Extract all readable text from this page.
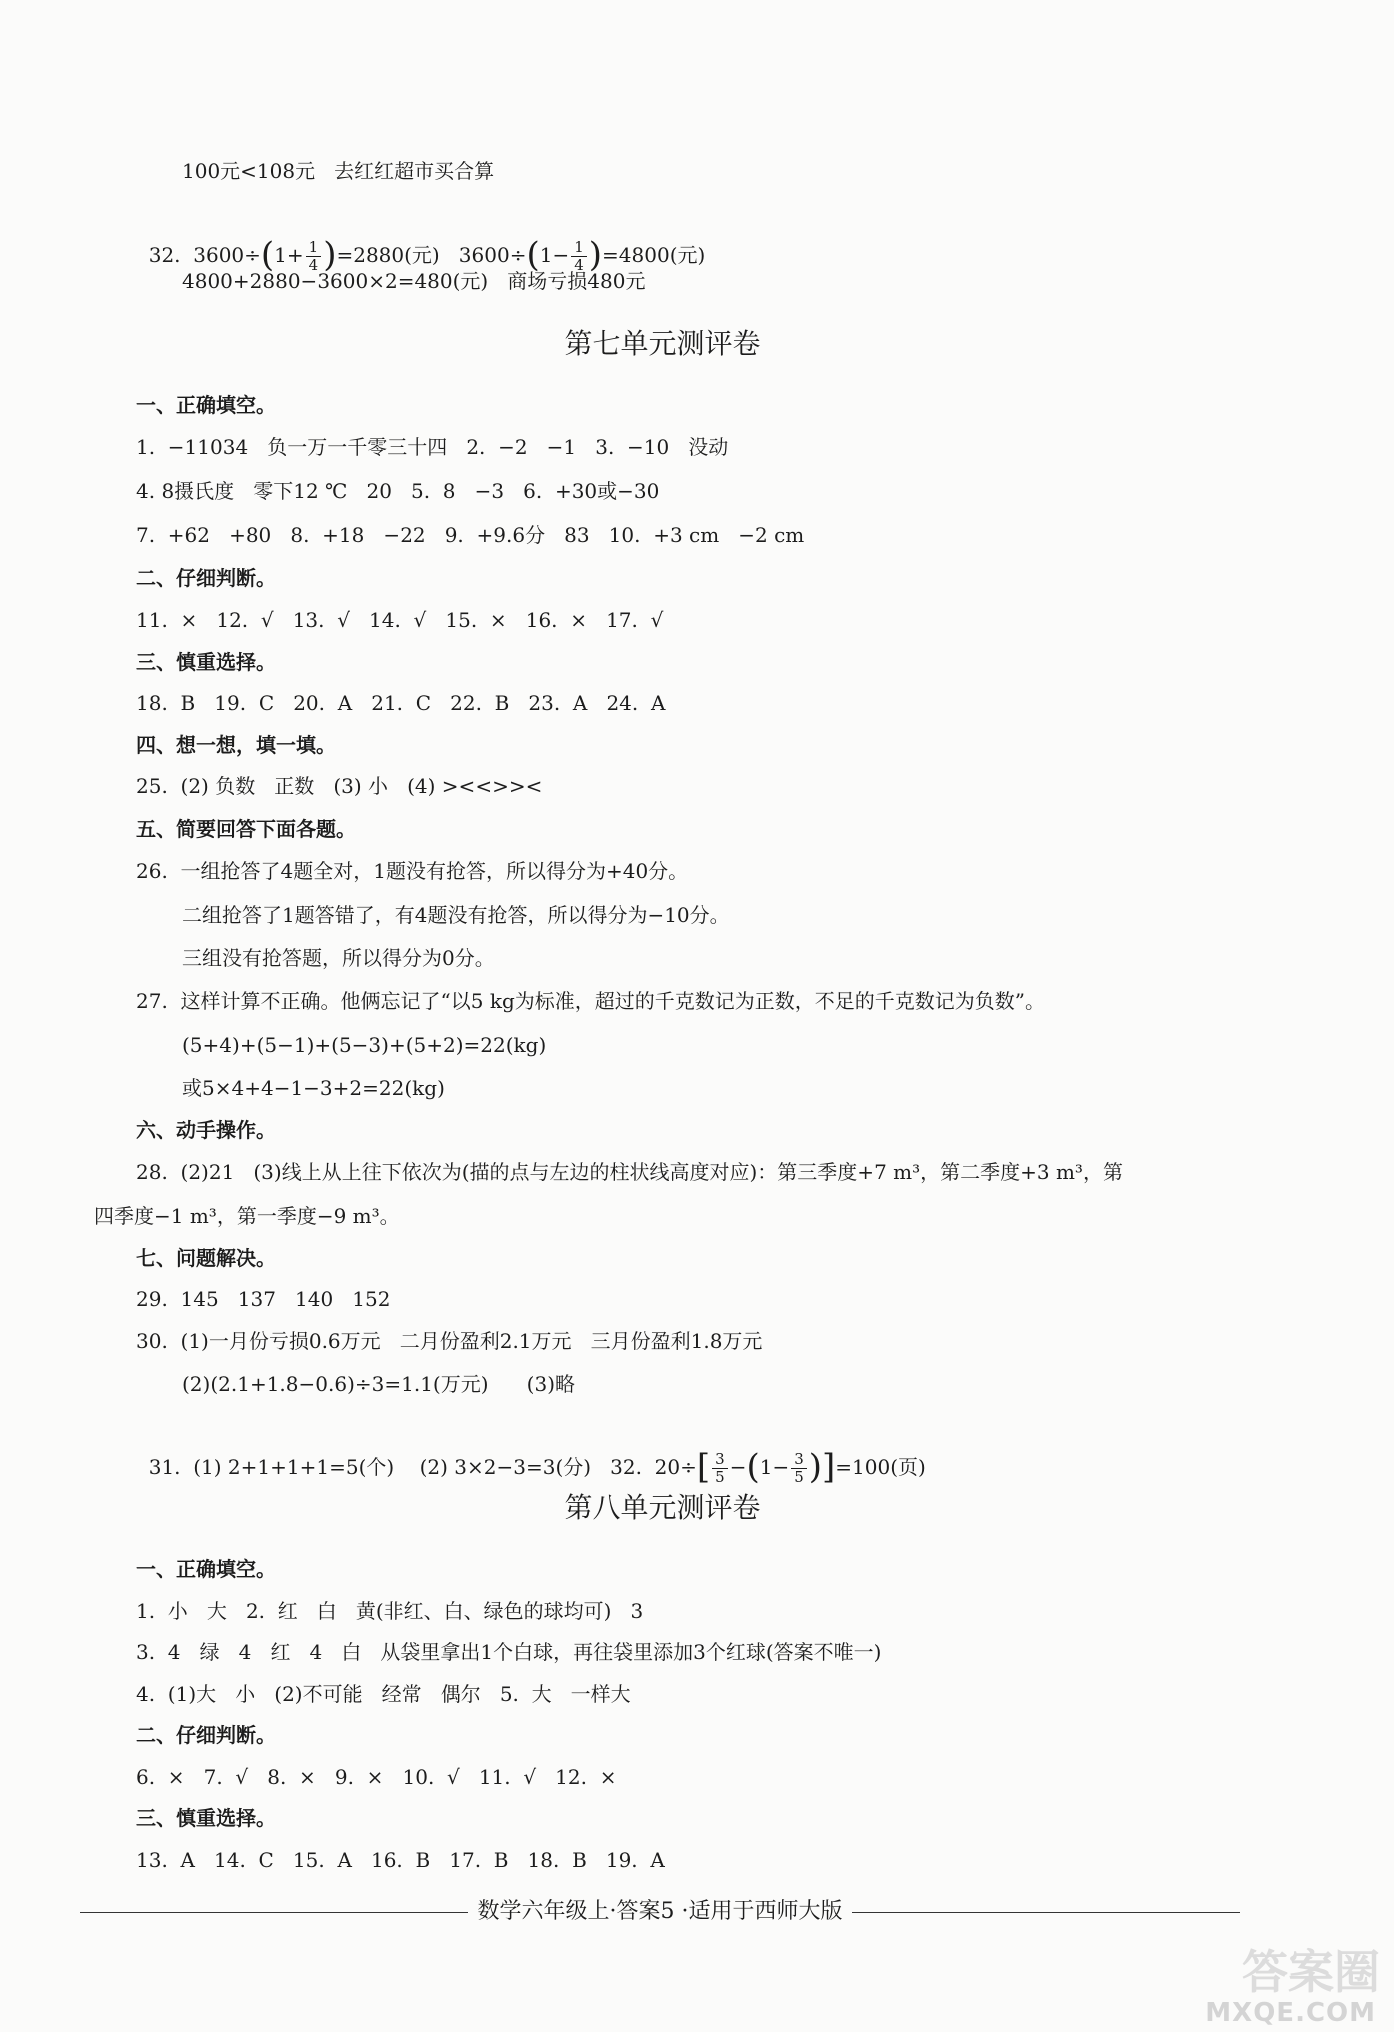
100元<108元   去红红超市买合算

32.  $3600\div(1+ \frac{1}{4} )=2880$(元)   $3600\div(1- \frac{1}{4} )=4800$(元)

4800+2880−3600×2=480(元)   商场亏损480元
第七单元测评卷
一、正确填空。
1.  −11034   负一万一千零三十四   2.  −2   −1   3.  −10   没动
4. 8摄氏度   零下12 ℃   20   5.  8   −3   6.  +30或−30
7.  +62   +80   8.  +18   −22   9.  +9.6分   83   10.  +3 cm   −2 cm
二、仔细判断。
11.  ×   12.  √   13.  √   14.  √   15.  ×   16.  ×   17.  √
三、慎重选择。
18.  B   19.  C   20.  A   21.  C   22.  B   23.  A   24.  A
四、想一想，填一填。
25.  (2) 负数   正数   (3) 小   (4) ><<>><
五、简要回答下面各题。
26.  一组抢答了4题全对，1题没有抢答，所以得分为+40分。
二组抢答了1题答错了，有4题没有抢答，所以得分为−10分。
三组没有抢答题，所以得分为0分。
27.  这样计算不正确。他俩忘记了“以5 kg为标准，超过的千克数记为正数，不足的千克数记为负数”。
(5+4)+(5−1)+(5−3)+(5+2)=22(kg)
或5×4+4−1−3+2=22(kg)
六、动手操作。
28.  (2)21   (3)线上从上往下依次为(描的点与左边的柱状线高度对应)：第三季度+7 m³，第二季度+3 m³，第
四季度−1 m³，第一季度−9 m³。
七、问题解决。
29.  145   137   140   152
30.  (1)一月份亏损0.6万元   二月份盈利2.1万元   三月份盈利1.8万元
(2)(2.1+1.8−0.6)÷3=1.1(万元)      (3)略

31.  (1) 2+1+1+1=5(个)    (2) 3×2−3=3(分)   32.  $20\div[ \frac{3}{5} -(1- \frac{3}{5} )]=100$(页)

第八单元测评卷
一、正确填空。
1.  小   大   2.  红   白   黄(非红、白、绿色的球均可)   3
3.  4   绿   4   红   4   白   从袋里拿出1个白球，再往袋里添加3个红球(答案不唯一)
4.  (1)大   小   (2)不可能   经常   偶尔   5.  大   一样大
二、仔细判断。
6.  ×   7.  √   8.  ×   9.  ×   10.  √   11.  √   12.  ×
三、慎重选择。
13.  A   14.  C   15.  A   16.  B   17.  B   18.  B   19.  A
数学六年级上·答案5 ·适用于西师大版
答案圈
MXQE.COM
